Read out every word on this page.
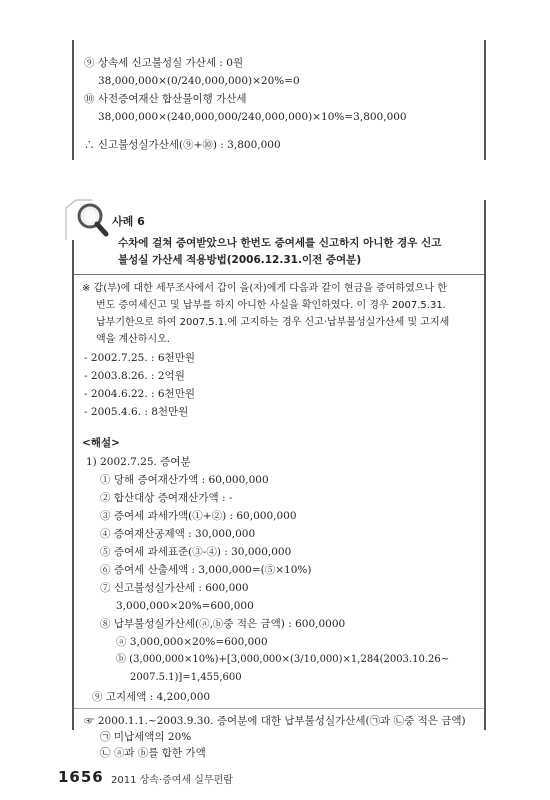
⑨ 상속세 신고불성실 가산세 : 0원
38,000,000×(0/240,000,000)×20%=0
⑩ 사전증여재산 합산불이행 가산세
38,000,000×(240,000,000/240,000,000)×10%=3,800,000
∴ 신고불성실가산세(⑨+⑩) : 3,800,000
사례 6
수차에 걸쳐 증여받았으나 한번도 증여세를 신고하지 아니한 경우 신고
불성실 가산세 적용방법(2006.12.31.이전 증여분)
※ 갑(부)에 대한 세무조사에서 갑이 을(자)에게 다음과 같이 현금을 증여하였으나 한
번도 증여세신고 및 납부를 하지 아니한 사실을 확인하였다. 이 경우 2007.5.31.
납부기한으로 하여 2007.5.1.에 고지하는 경우 신고·납부불성실가산세 및 고지세
액을 계산하시오.
- 2002.7.25. : 6천만원
- 2003.8.26. : 2억원
- 2004.6.22. : 6천만원
- 2005.4.6. : 8천만원
<해설>
1) 2002.7.25. 증여분
① 당해 증여재산가액 : 60,000,000
② 합산대상 증여재산가액 : -
③ 증여세 과세가액(①+②) : 60,000,000
④ 증여재산공제액 : 30,000,000
⑤ 증여세 과세표준(③-④) : 30,000,000
⑥ 증여세 산출세액 : 3,000,000=(⑤×10%)
⑦ 신고불성실가산세 : 600,000
3,000,000×20%=600,000
⑧ 납부불성실가산세(ⓐ,ⓑ중 적은 금액) : 600,0000
ⓐ 3,000,000×20%=600,000
ⓑ (3,000,000×10%)+[3,000,000×(3/10,000)×1,284(2003.10.26~
2007.5.1)]=1,455,600
⑨ 고지세액 : 4,200,000
☞ 2000.1.1.~2003.9.30. 증여분에 대한 납부불성실가산세(㉠과 ㉡중 적은 금액)
㉠ 미납세액의 20%
㉡ ⓐ과 ⓑ를 합한 가액
1656 2011 상속·증여세 실무편람
